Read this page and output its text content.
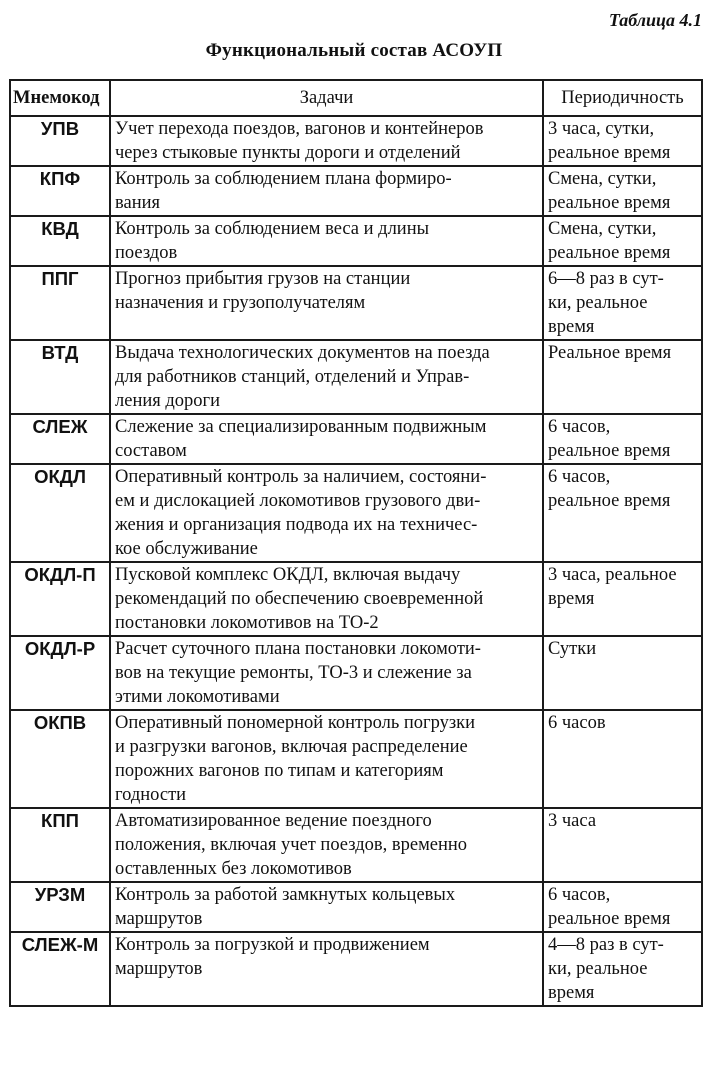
Таблица 4.1
Функциональный состав АСОУП
Мнемокод	Задачи	Периодичность
УПВ	Учет перехода поездов, вагонов и контейнеров
через стыковые пункты дороги и отделений	3 часа, сутки,
реальное время

КПФ	Контроль за соблюдением плана формиро-
вания	Смена, сутки,
реальное время

КВД	Контроль за соблюдением веса и длины
поездов	Смена, сутки,
реальное время

ППГ	Прогноз прибытия грузов на станции
назначения и грузополучателям	6—8 раз в сут-
ки, реальное
время

ВТД	Выдача технологических документов на поезда
для работников станций, отделений и Управ-
ления дороги	Реальное время

СЛЕЖ	Слежение за специализированным подвижным
составом	6 часов,
реальное время

ОКДЛ	Оперативный контроль за наличием, состояни-
ем и дислокацией локомотивов грузового дви-
жения и организация подвода их на техничес-
кое обслуживание	6 часов,
реальное время

ОКДЛ-П	Пусковой комплекс ОКДЛ, включая выдачу
рекомендаций по обеспечению своевременной
постановки локомотивов на ТО-2	3 часа, реальное
время

ОКДЛ-Р	Расчет суточного плана постановки локомоти-
вов на текущие ремонты, ТО-3 и слежение за
этими локомотивами	Сутки

ОКПВ	Оперативный пономерной контроль погрузки
и разгрузки вагонов, включая распределение
порожних вагонов по типам и категориям
годности	6 часов

КПП	Автоматизированное ведение поездного
положения, включая учет поездов, временно
оставленных без локомотивов	3 часа

УРЗМ	Контроль за работой замкнутых кольцевых
маршрутов	6 часов,
реальное время

СЛЕЖ-М	Контроль за погрузкой и продвижением
маршрутов	4—8 раз в сут-
ки, реальное
время
